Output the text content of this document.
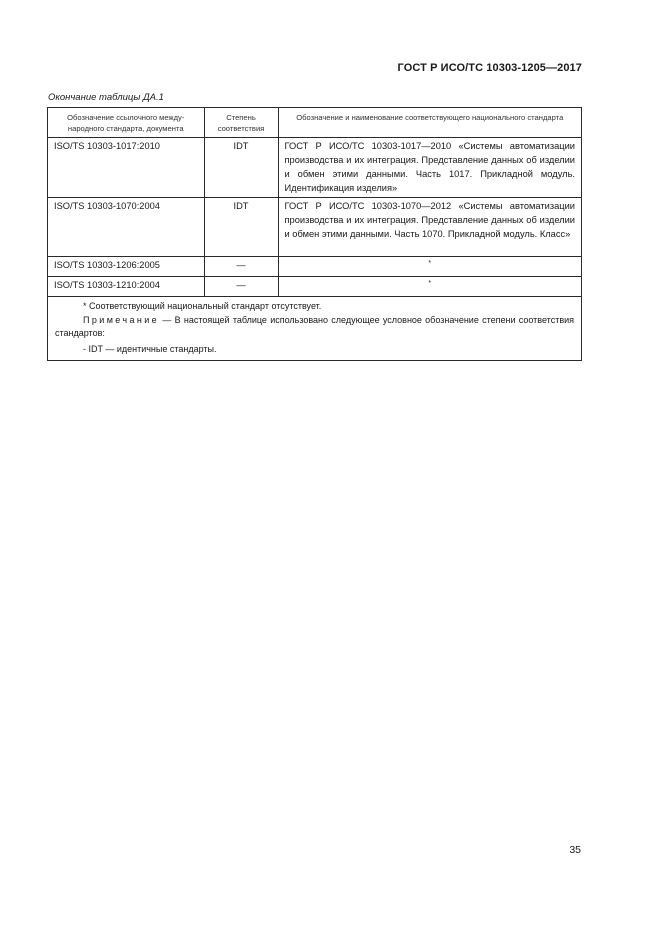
ГОСТ Р ИСО/ТС 10303-1205—2017
Окончание таблицы ДА.1
Обозначение ссылочного между-народного стандарта, документа	Степень соответствия	Обозначение и наименование соответствующего национального стандарта
ISO/TS 10303-1017:2010	IDT	ГОСТ Р ИСО/ТС 10303-1017—2010 «Системы автоматизации производства и их интеграция. Представление данных об изделии и обмен этими данными. Часть 1017. Прикладной модуль. Идентификация изделия»
ISO/TS 10303-1070:2004	IDT	ГОСТ Р ИСО/ТС 10303-1070—2012 «Системы автоматизации производства и их интеграция. Представление данных об изделии и обмен этими данными. Часть 1070. Прикладной модуль. Класс»
ISO/TS 10303-1206:2005	—	*
ISO/TS 10303-1210:2004	—	*

* Соответствующий национальный стандарт отсутствует.

Примечание — В настоящей таблице использовано следующее условное обозначение степени соответствия стандартов:

- IDT — идентичные стандарты.

35
